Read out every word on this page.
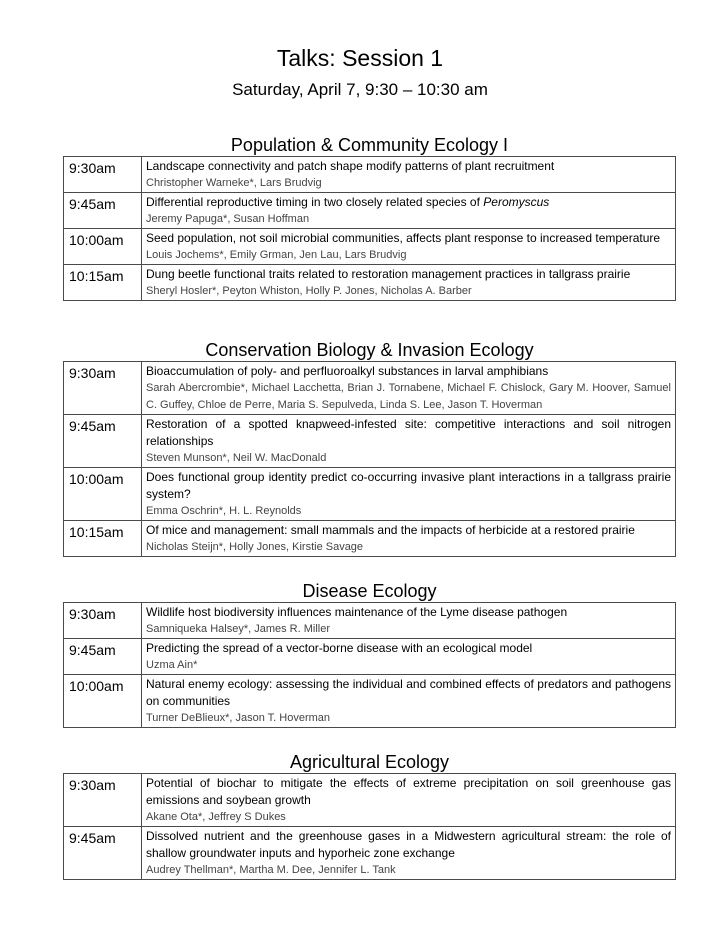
Talks: Session 1
Saturday, April 7, 9:30 – 10:30 am
Population & Community Ecology I
9:30am	Landscape connectivity and patch shape modify patterns of plant recruitment
Christopher Warneke*, Lars Brudvig

9:45am	Differential reproductive timing in two closely related species of Peromyscus
Jeremy Papuga*, Susan Hoffman

10:00am	Seed population, not soil microbial communities, affects plant response to increased temperature
Louis Jochems*, Emily Grman, Jen Lau, Lars Brudvig

10:15am	Dung beetle functional traits related to restoration management practices in tallgrass prairie
Sheryl Hosler*, Peyton Whiston, Holly P. Jones, Nicholas A. Barber
Conservation Biology & Invasion Ecology
9:30am	Bioaccumulation of poly- and perfluoroalkyl substances in larval amphibians
Sarah Abercrombie*, Michael Lacchetta, Brian J. Tornabene, Michael F. Chislock, Gary M. Hoover, Samuel C. Guffey, Chloe de Perre, Maria S. Sepulveda, Linda S. Lee, Jason T. Hoverman

9:45am	Restoration of a spotted knapweed-infested site: competitive interactions and soil nitrogen relationships
Steven Munson*, Neil W. MacDonald

10:00am	Does functional group identity predict co-occurring invasive plant interactions in a tallgrass prairie system?
Emma Oschrin*, H. L. Reynolds

10:15am	Of mice and management: small mammals and the impacts of herbicide at a restored prairie
Nicholas Steijn*, Holly Jones, Kirstie Savage
Disease Ecology
9:30am	Wildlife host biodiversity influences maintenance of the Lyme disease pathogen
Samniqueka Halsey*, James R. Miller

9:45am	Predicting the spread of a vector-borne disease with an ecological model
Uzma Ain*

10:00am	Natural enemy ecology: assessing the individual and combined effects of predators and pathogens on communities
Turner DeBlieux*, Jason T. Hoverman
Agricultural Ecology
9:30am	Potential of biochar to mitigate the effects of extreme precipitation on soil greenhouse gas emissions and soybean growth
Akane Ota*, Jeffrey S Dukes

9:45am	Dissolved nutrient and the greenhouse gases in a Midwestern agricultural stream: the role of shallow groundwater inputs and hyporheic zone exchange
Audrey Thellman*, Martha M. Dee, Jennifer L. Tank
